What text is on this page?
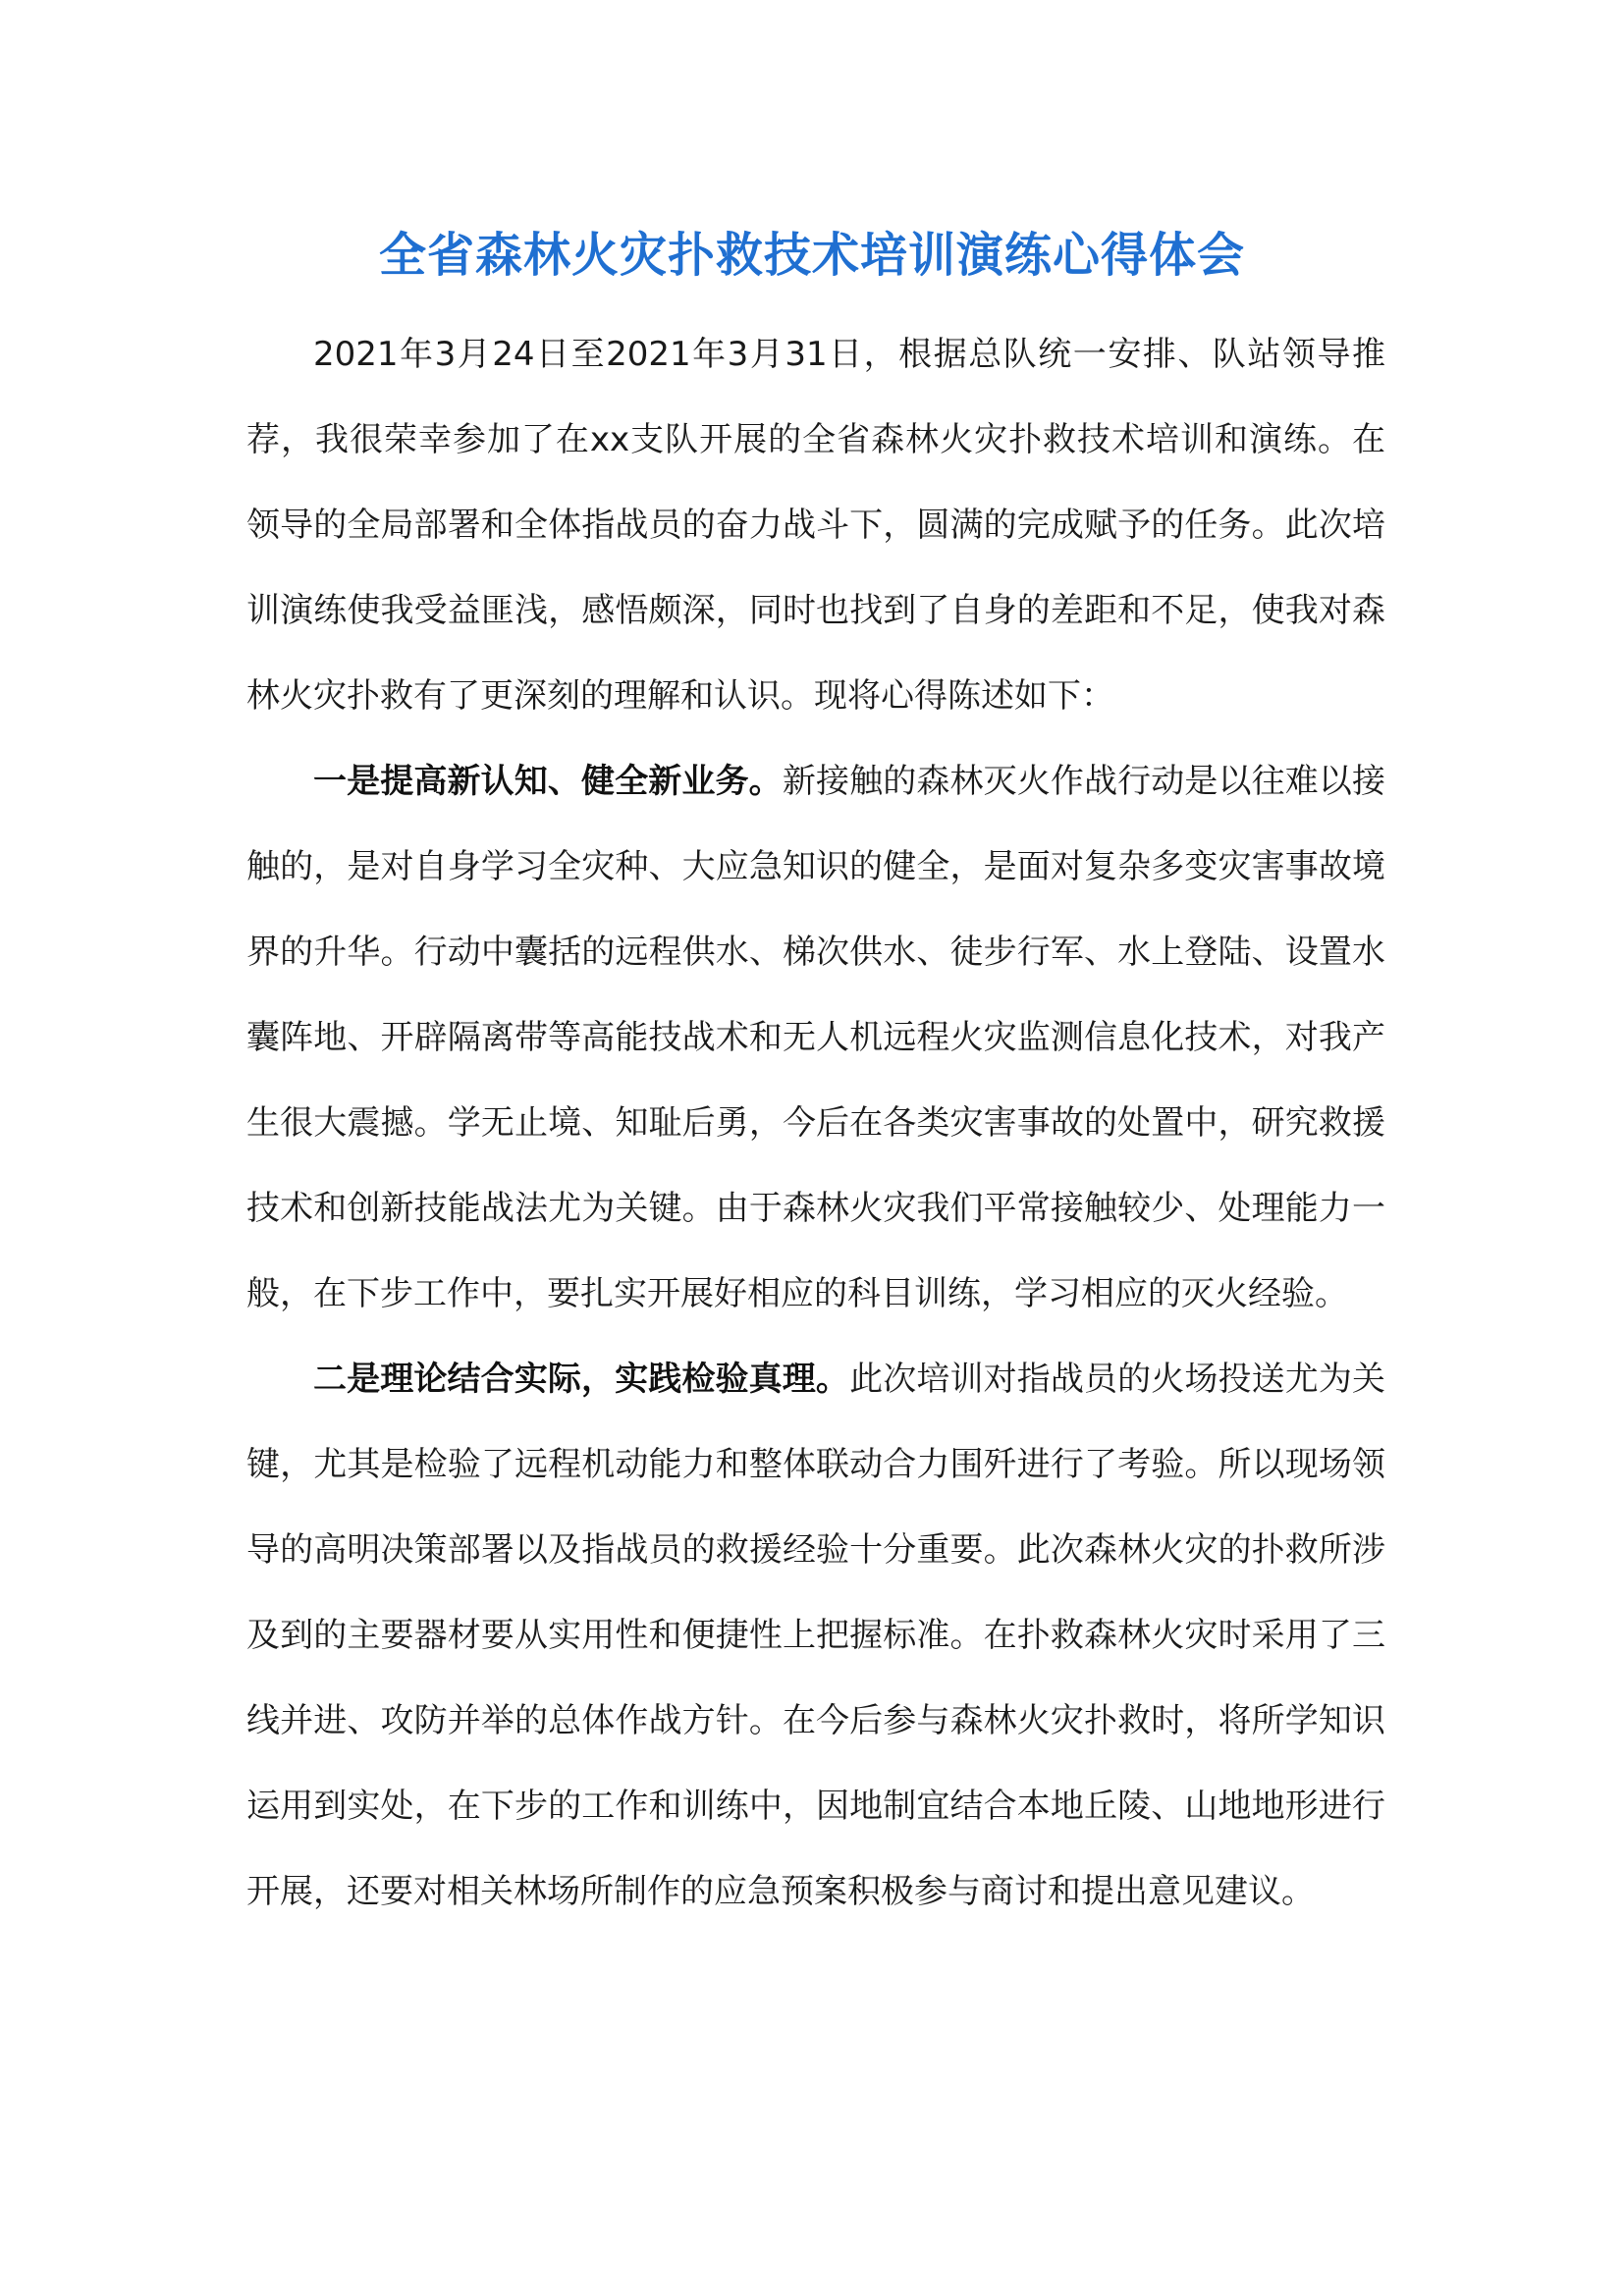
全省森林火灾扑救技术培训演练心得体会

2021年3月24日至2021年3月31日，根据总队统一安排、队站领导推荐，我很荣幸参加了在xx支队开展的全省森林火灾扑救技术培训和演练。在领导的全局部署和全体指战员的奋力战斗下，圆满的完成赋予的任务。此次培训演练使我受益匪浅，感悟颇深，同时也找到了自身的差距和不足，使我对森林火灾扑救有了更深刻的理解和认识。现将心得陈述如下：

一是提高新认知、健全新业务。新接触的森林灭火作战行动是以往难以接触的，是对自身学习全灾种、大应急知识的健全，是面对复杂多变灾害事故境界的升华。行动中囊括的远程供水、梯次供水、徒步行军、水上登陆、设置水囊阵地、开辟隔离带等高能技战术和无人机远程火灾监测信息化技术，对我产生很大震撼。学无止境、知耻后勇，今后在各类灾害事故的处置中，研究救援技术和创新技能战法尤为关键。由于森林火灾我们平常接触较少、处理能力一般，在下步工作中，要扎实开展好相应的科目训练，学习相应的灭火经验。

二是理论结合实际，实践检验真理。此次培训对指战员的火场投送尤为关键，尤其是检验了远程机动能力和整体联动合力围歼进行了考验。所以现场领导的高明决策部署以及指战员的救援经验十分重要。此次森林火灾的扑救所涉及到的主要器材要从实用性和便捷性上把握标准。在扑救森林火灾时采用了三线并进、攻防并举的总体作战方针。在今后参与森林火灾扑救时，将所学知识运用到实处，在下步的工作和训练中，因地制宜结合本地丘陵、山地地形进行开展，还要对相关林场所制作的应急预案积极参与商讨和提出意见建议。
